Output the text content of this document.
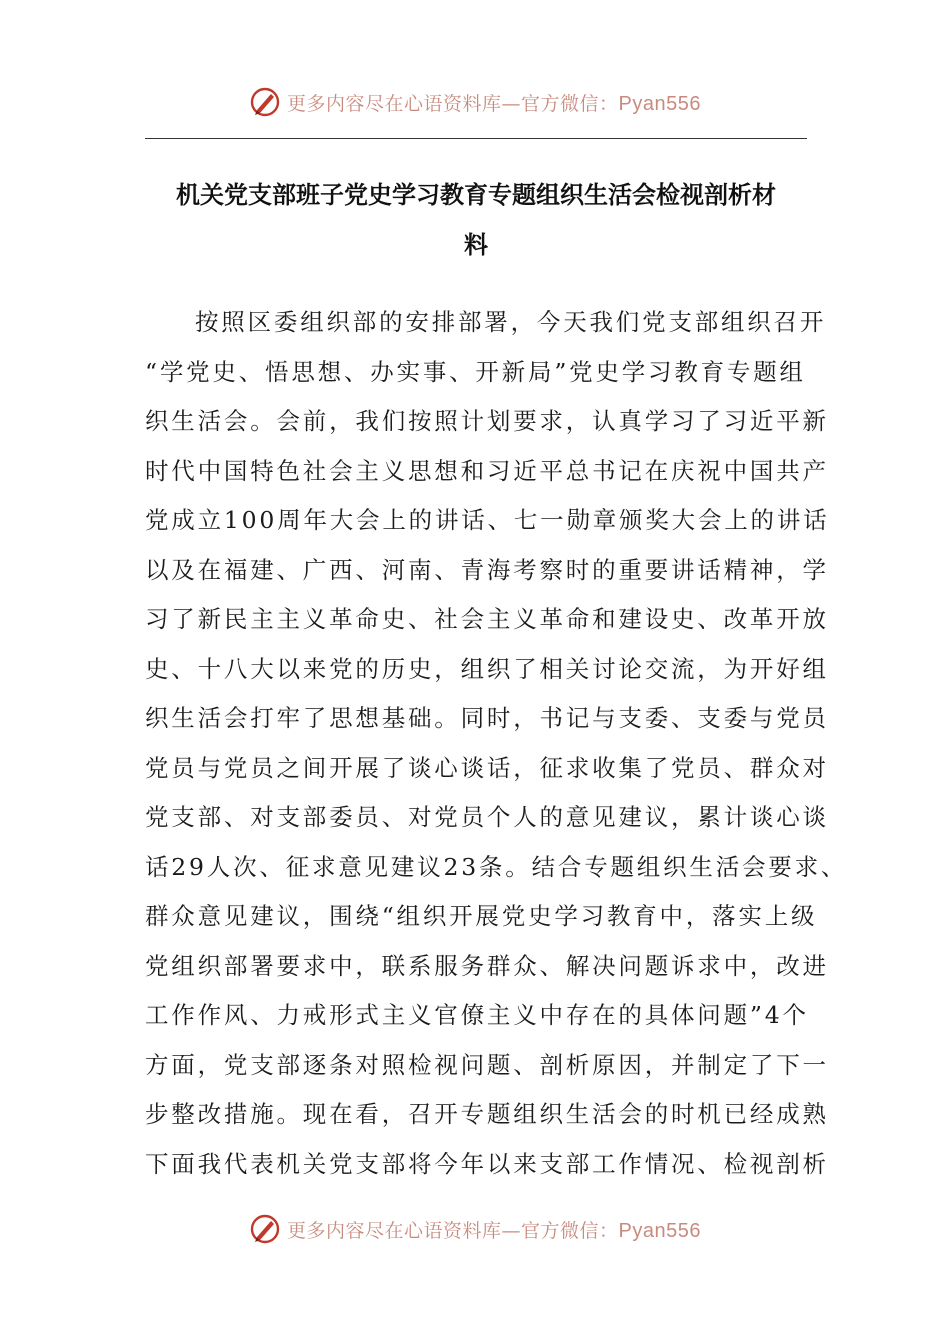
更多内容尽在心语资料库—官方微信：Pyan556
机关党支部班子党史学习教育专题组织生活会检视剖析材
料
按照区委组织部的安排部署，今天我们党支部组织召开
“学党史、悟思想、办实事、开新局”党史学习教育专题组
织生活会。会前，我们按照计划要求，认真学习了习近平新
时代中国特色社会主义思想和习近平总书记在庆祝中国共产
党成立100周年大会上的讲话、七一勋章颁奖大会上的讲话
以及在福建、广西、河南、青海考察时的重要讲话精神，学
习了新民主主义革命史、社会主义革命和建设史、改革开放
史、十八大以来党的历史，组织了相关讨论交流，为开好组
织生活会打牢了思想基础。同时，书记与支委、支委与党员
党员与党员之间开展了谈心谈话，征求收集了党员、群众对
党支部、对支部委员、对党员个人的意见建议，累计谈心谈
话29人次、征求意见建议23条。结合专题组织生活会要求、
群众意见建议，围绕“组织开展党史学习教育中，落实上级
党组织部署要求中，联系服务群众、解决问题诉求中，改进
工作作风、力戒形式主义官僚主义中存在的具体问题”4个
方面，党支部逐条对照检视问题、剖析原因，并制定了下一
步整改措施。现在看，召开专题组织生活会的时机已经成熟
下面我代表机关党支部将今年以来支部工作情况、检视剖析
更多内容尽在心语资料库—官方微信：Pyan556
